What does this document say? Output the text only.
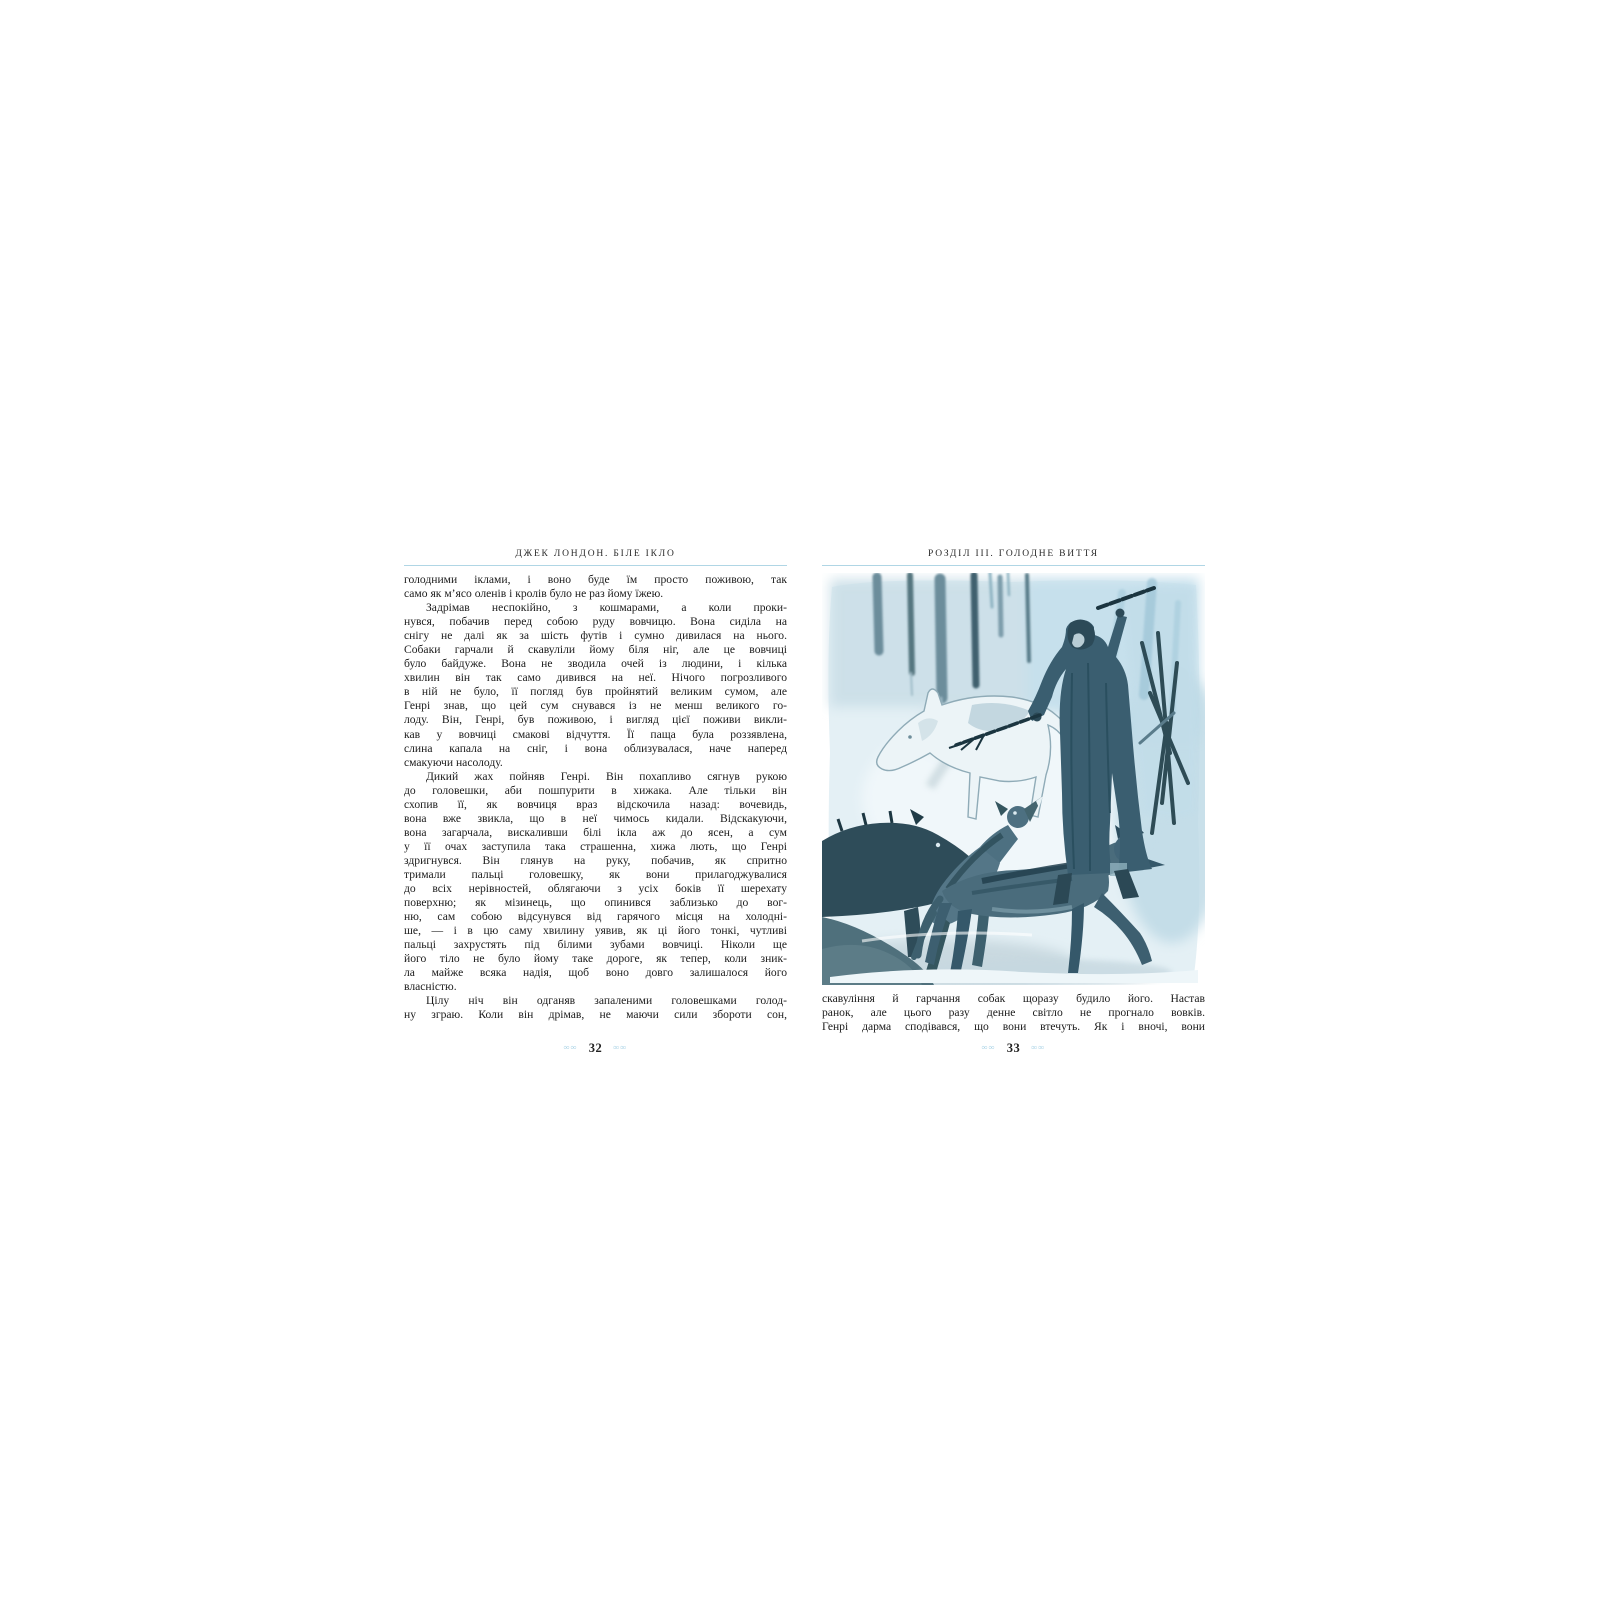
ДЖЕК ЛОНДОН. БІЛЕ ІКЛО
голодними іклами, і воно буде їм просто поживою, так
само як м’ясо оленів і кролів було не раз йому їжею.
Задрімав неспокійно, з кошмарами, а коли проки-
нувся, побачив перед собою руду вовчицю. Вона сиділа на
снігу не далі як за шість футів і сумно дивилася на нього.
Собаки гарчали й скавуліли йому біля ніг, але це вовчиці
було байдуже. Вона не зводила очей із людини, і кілька
хвилин він так само дивився на неї. Нічого погрозливого
в ній не було, її погляд був пройнятий великим сумом, але
Генрі знав, що цей сум снувався із не менш великого го-
лоду. Він, Генрі, був поживою, і вигляд цієї поживи викли-
кав у вовчиці смакові відчуття. Її паща була роззявлена,
слина капала на сніг, і вона облизувалася, наче наперед
смакуючи насолоду.
Дикий жах пойняв Генрі. Він похапливо сягнув рукою
до головешки, аби пошпурити в хижака. Але тільки він
схопив її, як вовчиця враз відскочила назад: вочевидь,
вона вже звикла, що в неї чимось кидали. Відскакуючи,
вона загарчала, вискаливши білі ікла аж до ясен, а сум
у її очах заступила така страшенна, хижа лють, що Генрі
здригнувся. Він глянув на руку, побачив, як спритно
тримали пальці головешку, як вони прилагоджувалися
до всіх нерівностей, облягаючи з усіх боків її шерехату
поверхню; як мізинець, що опинився заблизько до вог-
ню, сам собою відсунувся від гарячого місця на холодні-
ше, — і в цю саму хвилину уявив, як ці його тонкі, чутливі
пальці захрустять під білими зубами вовчиці. Ніколи ще
його тіло не було йому таке дороге, як тепер, коли зник-
ла майже всяка надія, щоб воно довго залишалося його
власністю.
Цілу ніч він одганяв запаленими головешками голод-
ну зграю. Коли він дрімав, не маючи сили збороти сон,
∞∞ 32 ∞∞
РОЗДІЛ ІІІ. ГОЛОДНЕ ВИТТЯ
скавуління й гарчання собак щоразу будило його. Настав
ранок, але цього разу денне світло не прогнало вовків.
Генрі дарма сподівався, що вони втечуть. Як і вночі, вони
∞∞ 33 ∞∞
